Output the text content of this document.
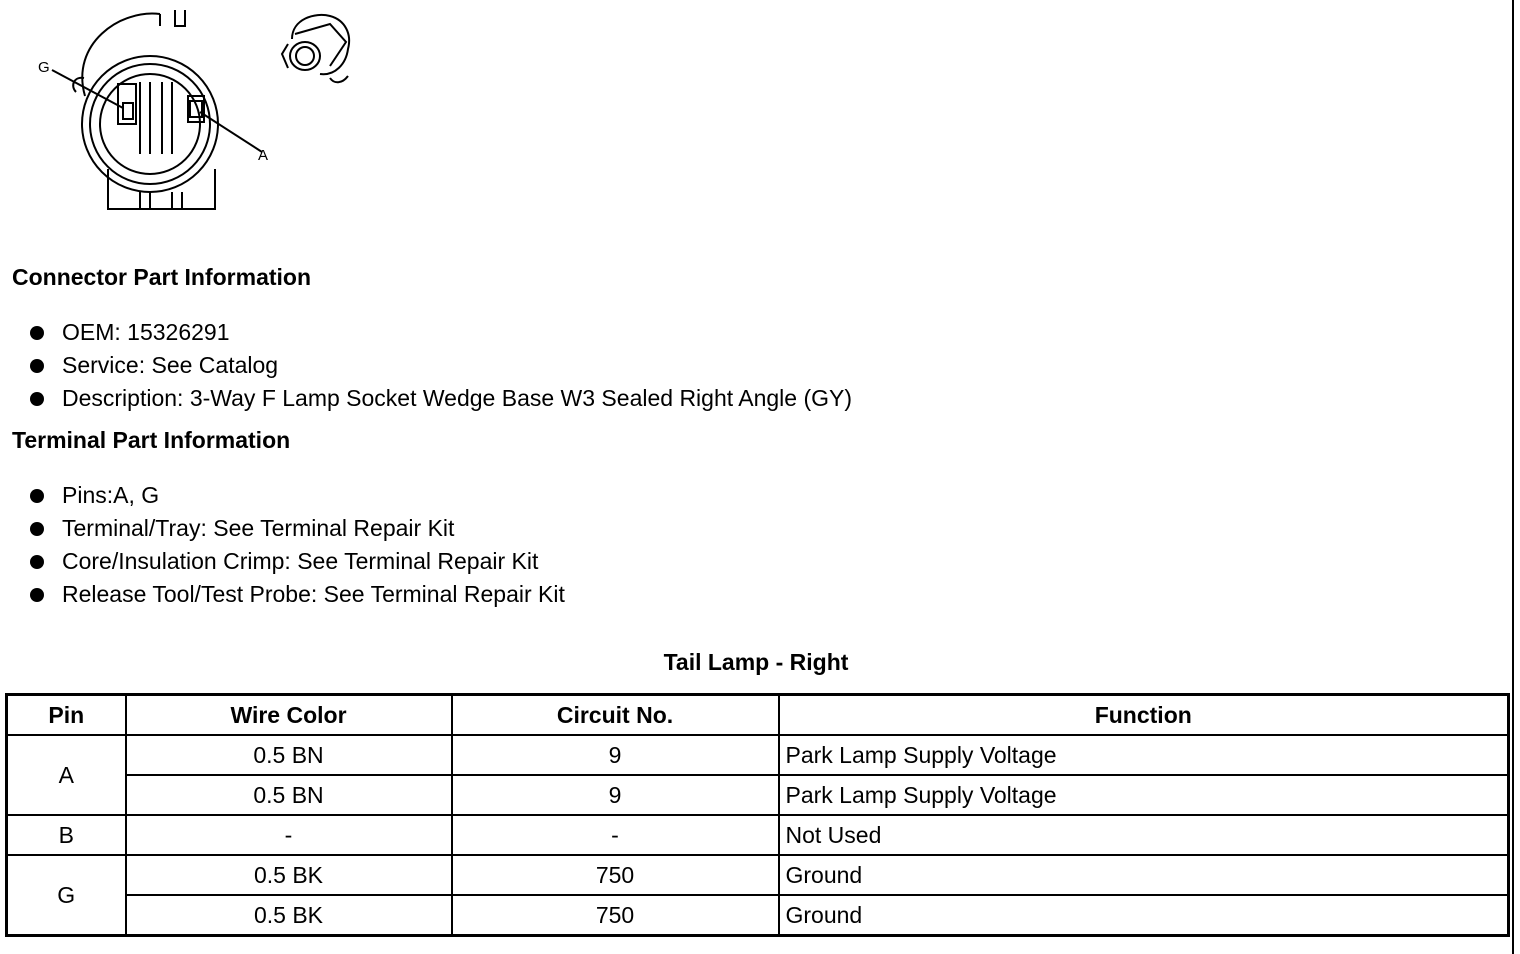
G
A
Connector Part Information
OEM: 15326291
Service: See Catalog
Description: 3-Way F Lamp Socket Wedge Base W3 Sealed Right Angle (GY)
Terminal Part Information
Pins:A, G
Terminal/Tray: See Terminal Repair Kit
Core/Insulation Crimp: See Terminal Repair Kit
Release Tool/Test Probe: See Terminal Repair Kit
Tail Lamp - Right
Pin	Wire Color	Circuit No.	Function
A	0.5 BN	9	Park Lamp Supply Voltage
	0.5 BN	9	Park Lamp Supply Voltage
B	-	-	Not Used
G	0.5 BK	750	Ground
	0.5 BK	750	Ground
